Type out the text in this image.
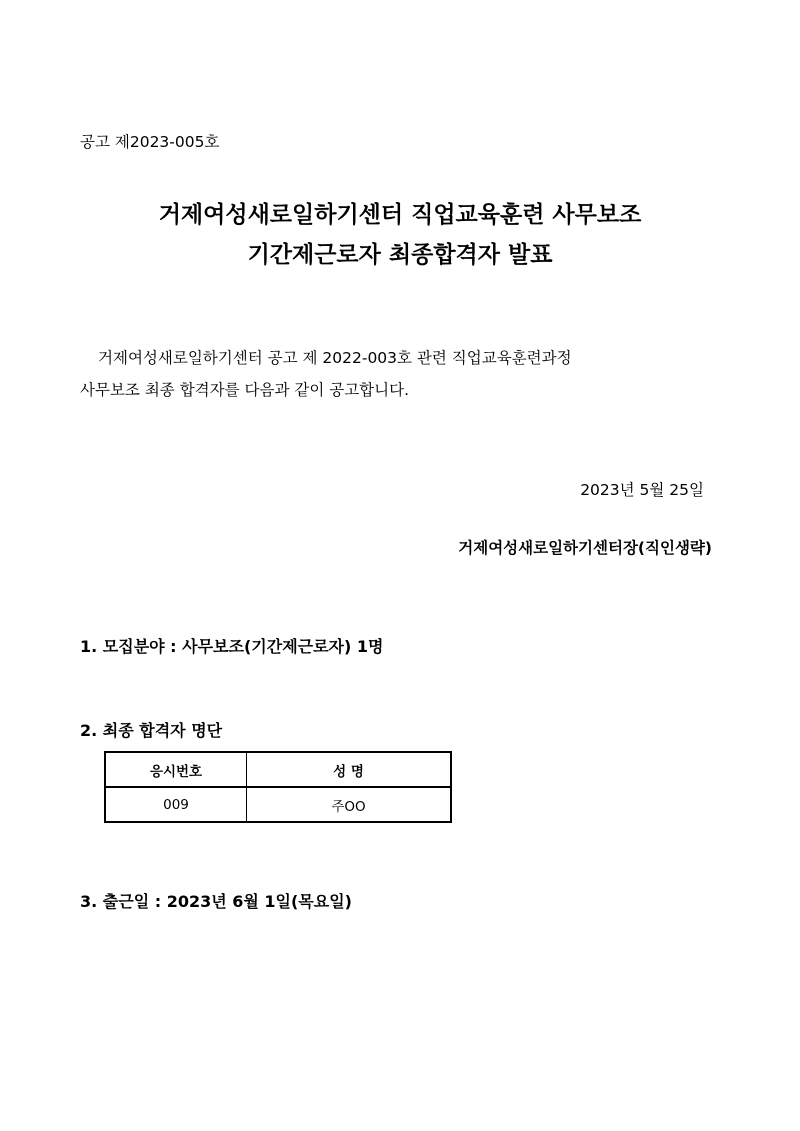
공고 제2023-005호

거제여성새로일하기센터 직업교육훈련 사무보조
기간제근로자 최종합격자 발표

거제여성새로일하기센터 공고 제 2022-003호 관련 직업교육훈련과정

사무보조 최종 합격자를 다음과 같이 공고합니다.

2023년 5월 25일

거제여성새로일하기센터장(직인생략)

1. 모집분야 : 사무보조(기간제근로자) 1명

2. 최종 합격자 명단

응시번호	성 명
009	주OO

3. 출근일 : 2023년 6월 1일(목요일)
